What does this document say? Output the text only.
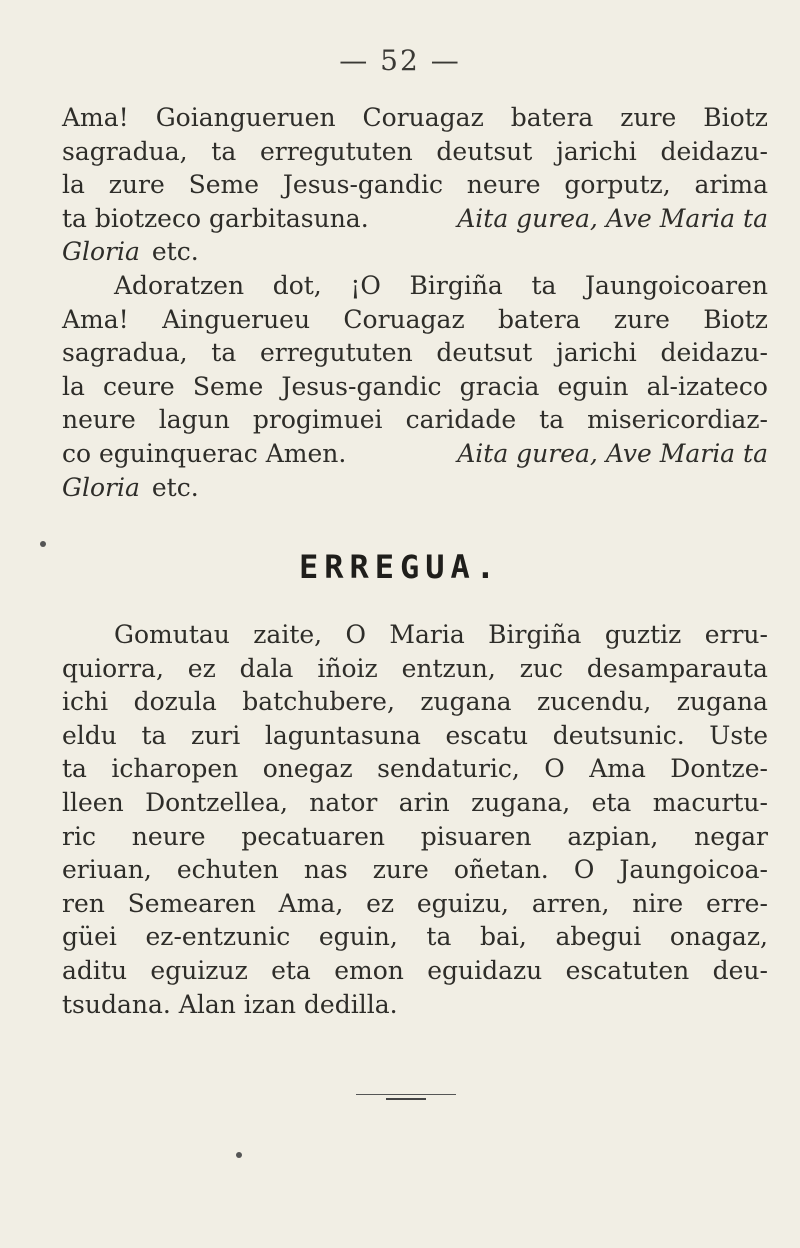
— 52 —
Ama! Goiangueruen Coruagaz batera zure Biotz
sagradua, ta erregututen deutsut jarichi deidazu-
la zure Seme Jesus-gandic neure gorputz, arima
ta biotzeco garbitasuna.	Aita gurea, Ave Maria ta
Gloria etc.
Adoratzen dot, ¡O Birgiña ta Jaungoicoaren
Ama! Ainguerueu Coruagaz batera zure Biotz
sagradua, ta erregututen deutsut jarichi deidazu-
la ceure Seme Jesus-gandic gracia eguin al-izateco
neure lagun progimuei caridade ta misericordiaz-
co eguinquerac Amen.	Aita gurea, Ave Maria ta
Gloria etc.
ERREGUA.
Gomutau zaite, O Maria Birgiña guztiz erru-
quiorra, ez dala iñoiz entzun, zuc desamparauta
ichi dozula batchubere, zugana zucendu, zugana
eldu ta zuri laguntasuna escatu deutsunic. Uste
ta icharopen onegaz sendaturic, O Ama Dontze-
lleen Dontzellea, nator arin zugana, eta macurtu-
ric neure pecatuaren pisuaren azpian, negar
eriuan, echuten nas zure oñetan. O Jaungoicoa-
ren Semearen Ama, ez eguizu, arren, nire erre-
güei ez-entzunic eguin, ta bai, abegui onagaz,
aditu eguizuz eta emon eguidazu escatuten deu-
tsudana. Alan izan dedilla.
